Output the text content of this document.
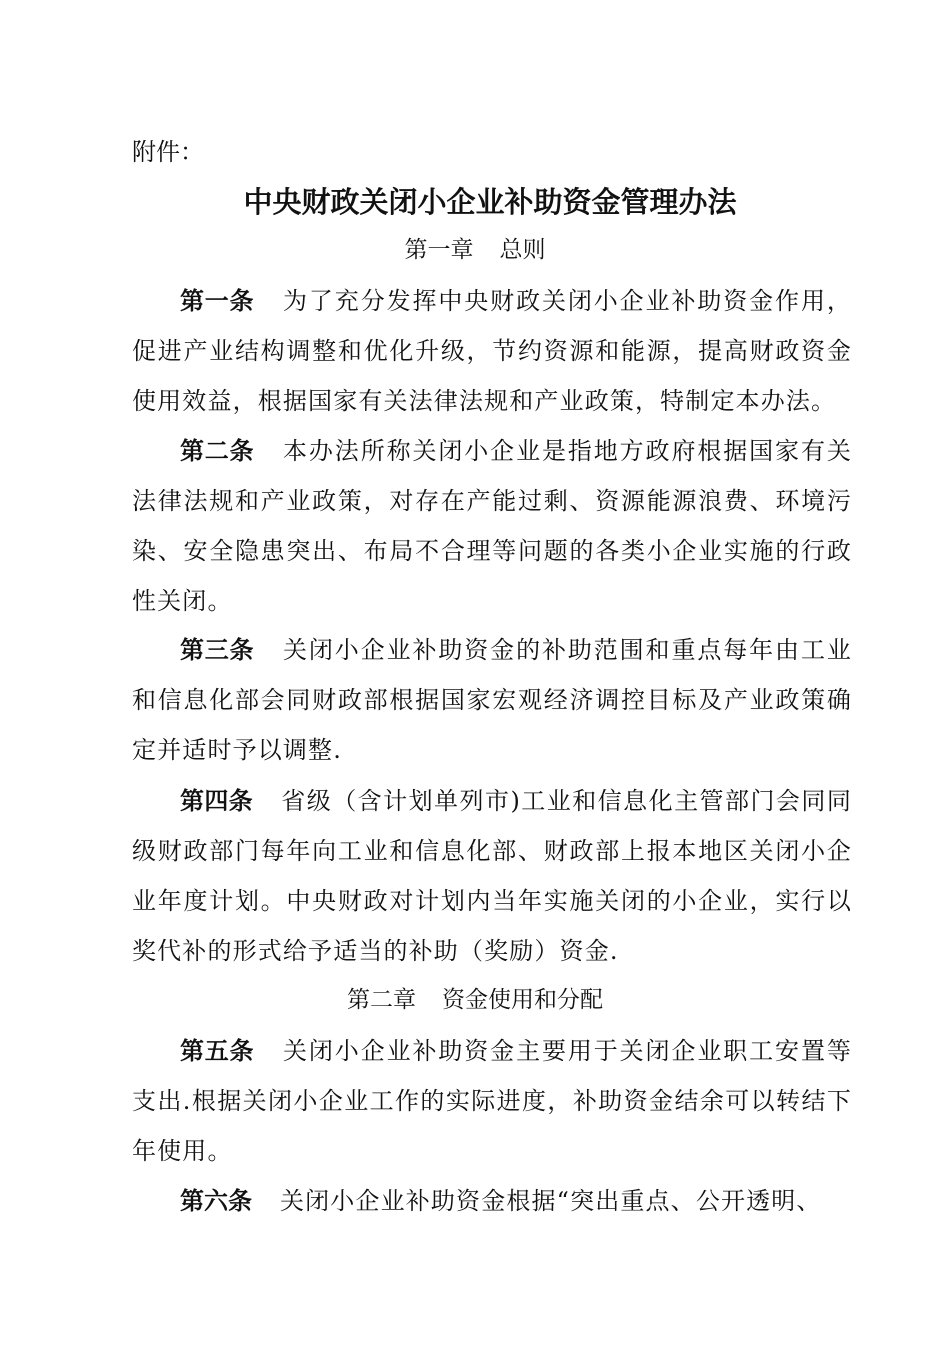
附件：
中央财政关闭小企业补助资金管理办法
第一章 总则
第一条 为了充分发挥中央财政关闭小企业补助资金作用，促进产业结构调整和优化升级，节约资源和能源，提高财政资金使用效益，根据国家有关法律法规和产业政策，特制定本办法。
第二条 本办法所称关闭小企业是指地方政府根据国家有关法律法规和产业政策，对存在产能过剩、资源能源浪费、环境污染、安全隐患突出、布局不合理等问题的各类小企业实施的行政性关闭。
第三条 关闭小企业补助资金的补助范围和重点每年由工业和信息化部会同财政部根据国家宏观经济调控目标及产业政策确定并适时予以调整.
第四条 省级（含计划单列市)工业和信息化主管部门会同同级财政部门每年向工业和信息化部、财政部上报本地区关闭小企业年度计划。中央财政对计划内当年实施关闭的小企业，实行以奖代补的形式给予适当的补助（奖励）资金.
第二章 资金使用和分配
第五条 关闭小企业补助资金主要用于关闭企业职工安置等支出.根据关闭小企业工作的实际进度，补助资金结余可以转结下年使用。
第六条 关闭小企业补助资金根据“突出重点、公开透明、
